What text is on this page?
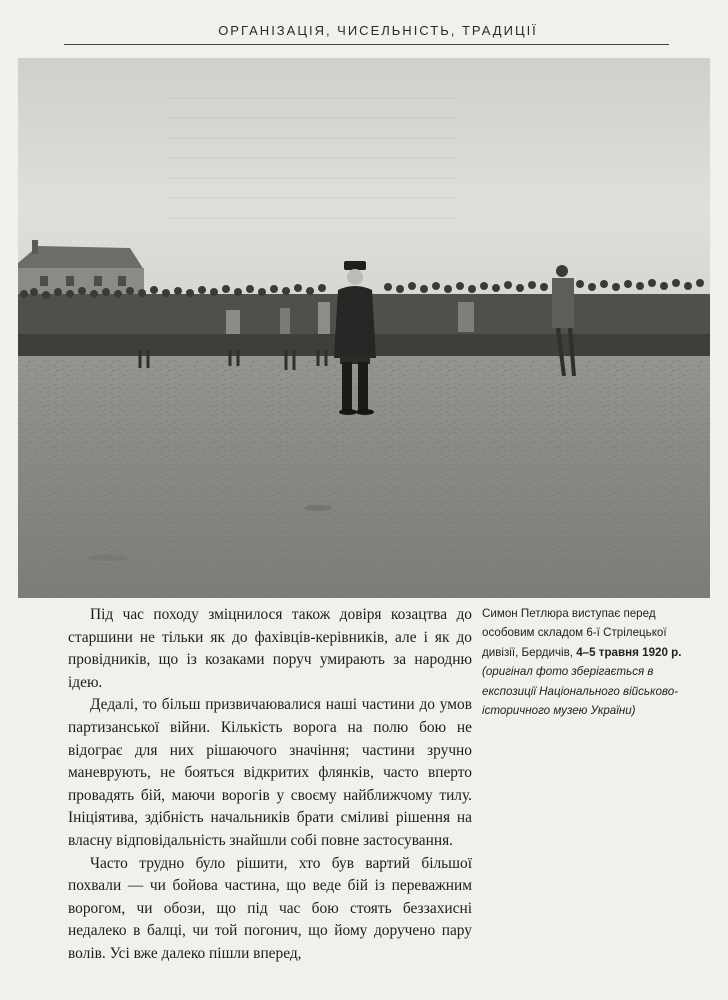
ОРГАНІЗАЦІЯ, ЧИСЕЛЬНІСТЬ, ТРАДИЦІЇ

Під час походу зміцнилося також довіря козацтва до старшини не тільки як до фахівців-керівників, але і як до провідників, що із козаками поруч умирають за народню ідею.

Дедалі, то більш призвичаювалися наші частини до умов партизанської війни. Кількість ворога на полю бою не відограє для них рішаючого значіння; частини зручно маневрують, не бояться відкритих флянків, часто вперто провадять бій, маючи ворогів у своєму найближчому тилу. Ініціятива, здібність начальників брати сміливі рішення на власну відповідальність знайшли собі повне застосування.

Часто трудно було рішити, хто був вартий більшої похвали — чи бойова частина, що веде бій із переважним ворогом, чи обози, що під час бою стоять беззахисні недалеко в балці, чи той погонич, що йому доручено пару волів. Усі вже далеко пішли вперед,

Симон Петлюра виступає перед особовим складом 6-ї Стрілецької дивізії, Бердичів, 4–5 травня 1920 р. (оригінал фото зберігається в експозиції Національного військово-історичного музею України)
